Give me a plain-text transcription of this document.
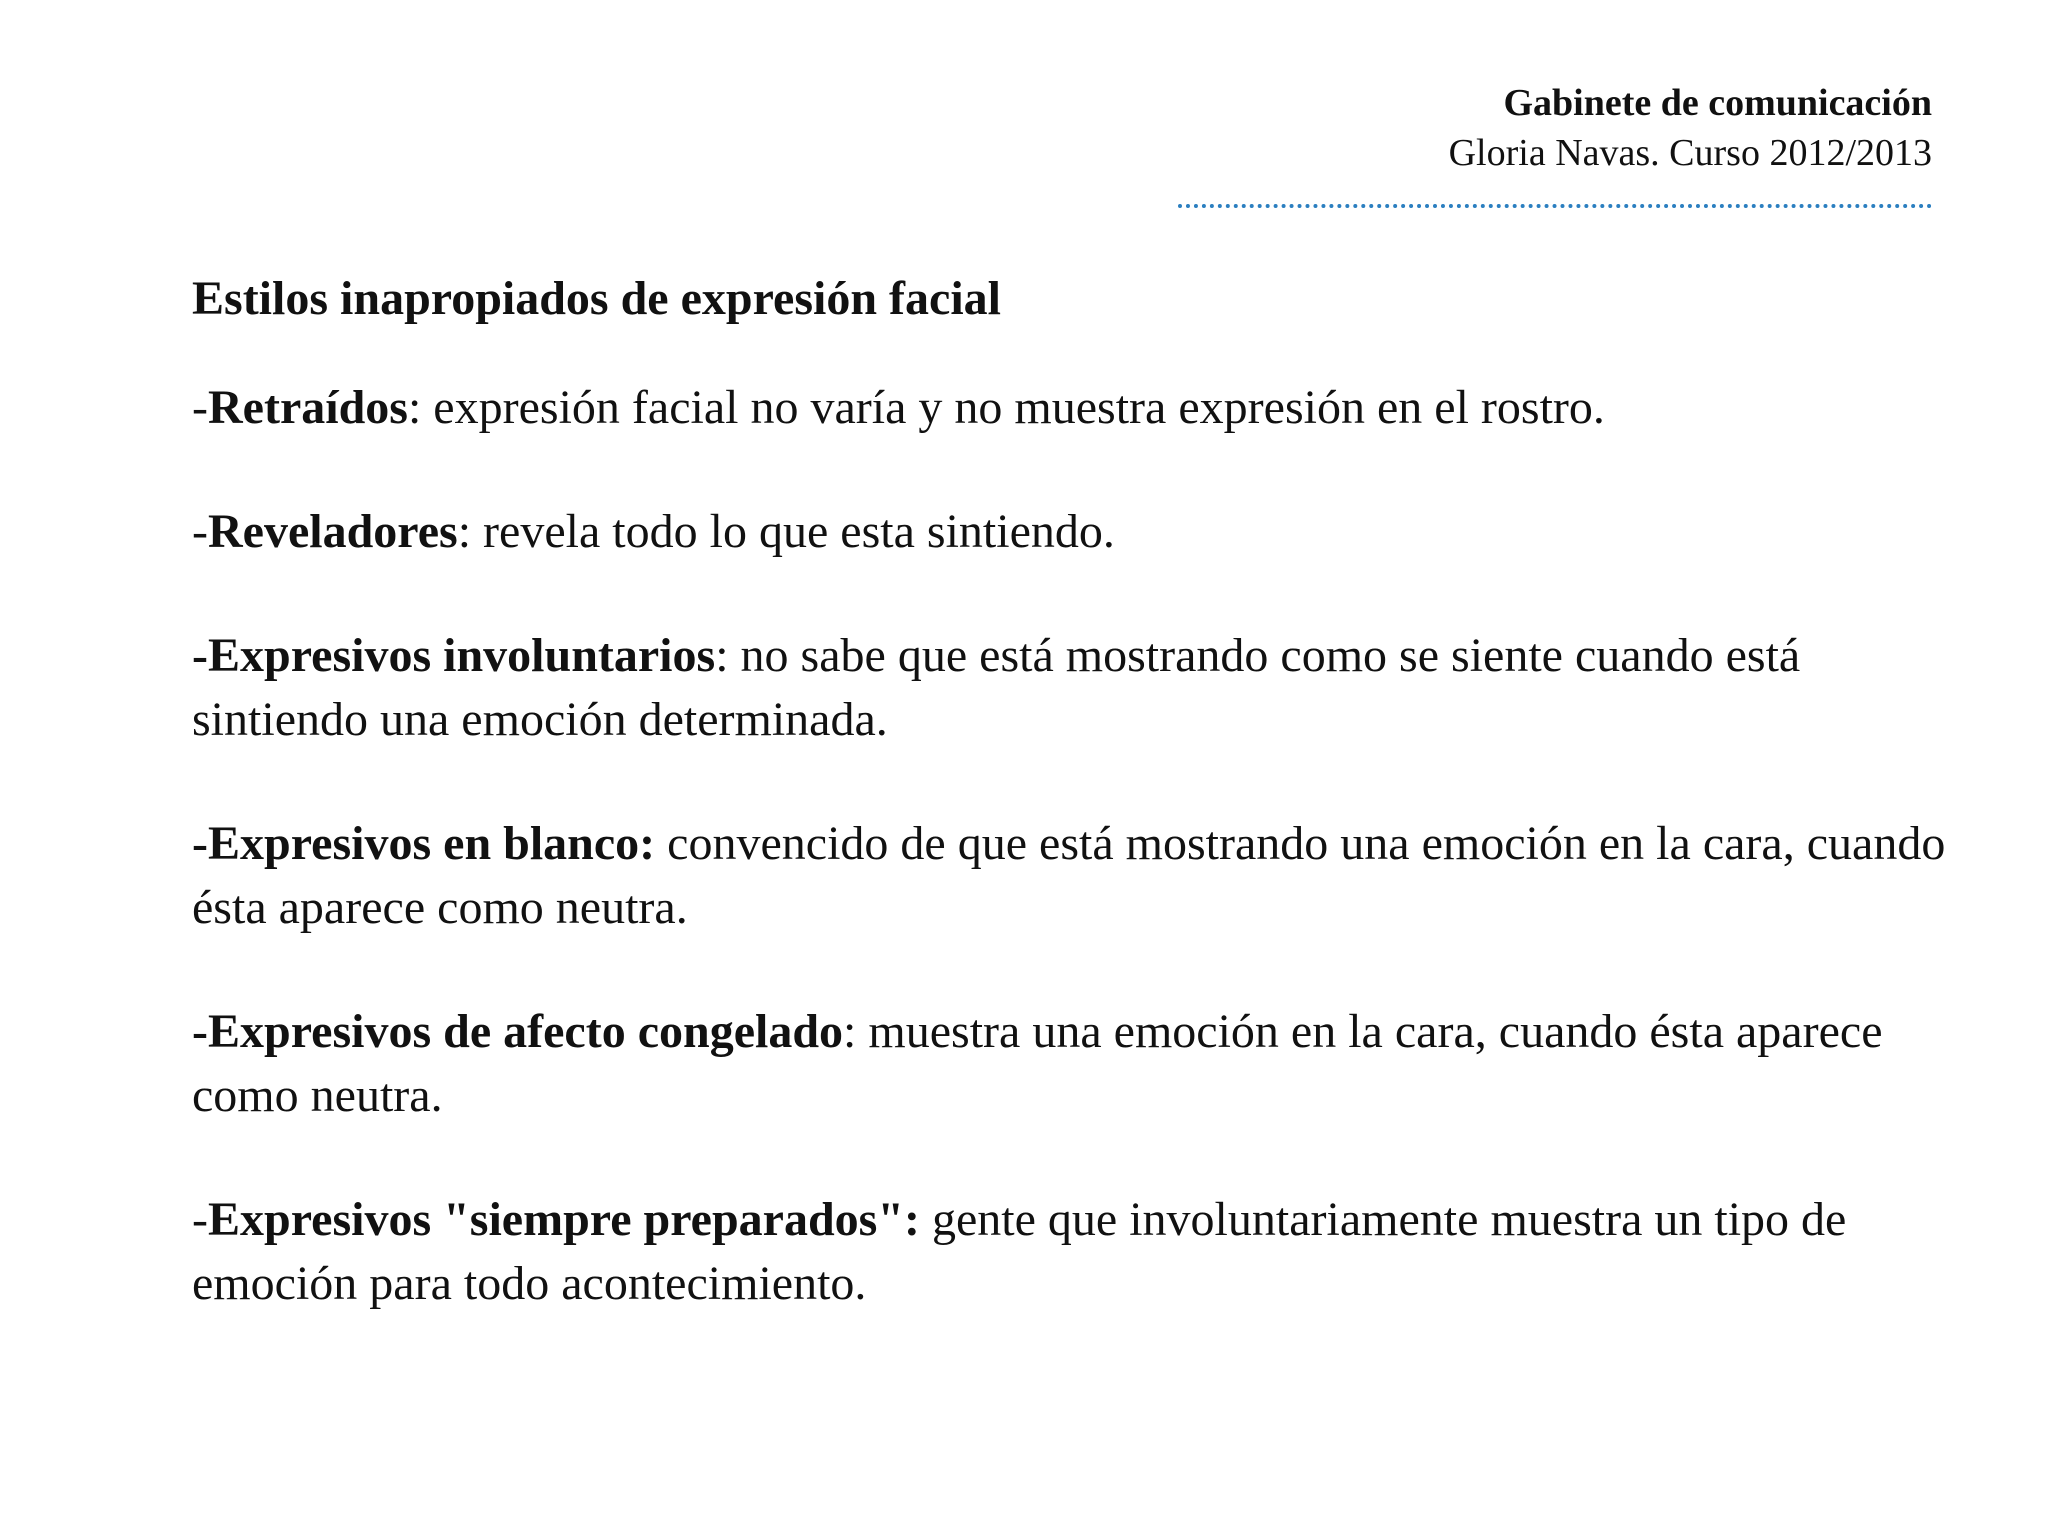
Gabinete de comunicación
Gloria Navas. Curso 2012/2013
Estilos inapropiados de expresión facial

-Retraídos: expresión facial no varía y no muestra expresión en el rostro.

-Reveladores: revela todo lo que esta sintiendo.

-Expresivos involuntarios: no sabe que está mostrando como se siente cuando está sintiendo una emoción determinada.

-Expresivos en blanco: convencido de que está mostrando una emoción en la cara, cuando ésta aparece como neutra.

-Expresivos de afecto congelado: muestra una emoción en la cara, cuando ésta aparece como neutra.

-Expresivos "siempre preparados": gente que involuntariamente muestra un tipo de emoción para todo acontecimiento.
